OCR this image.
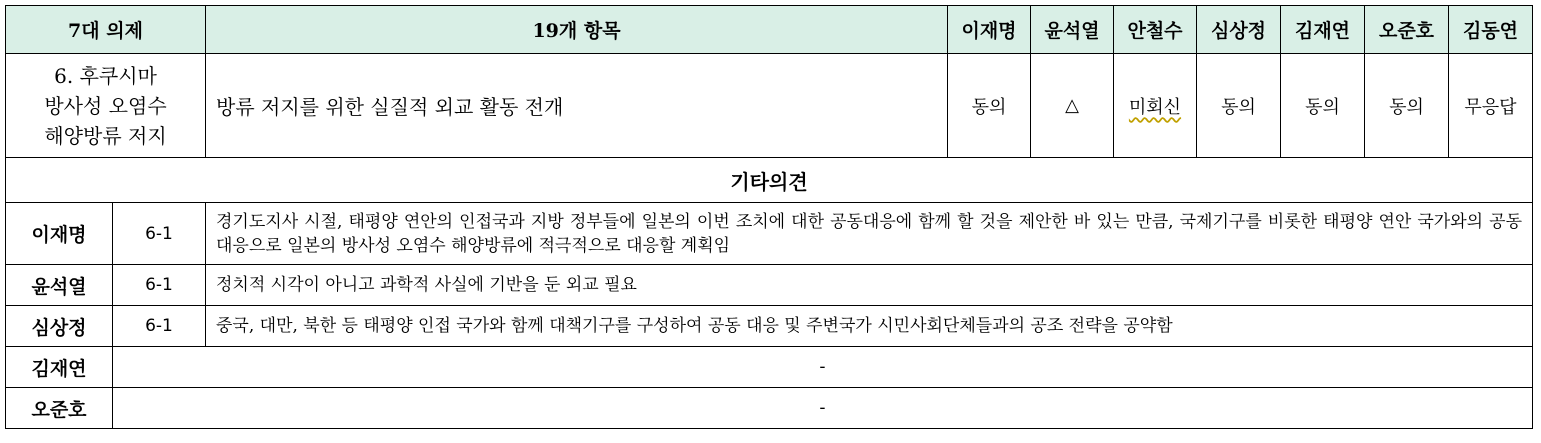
7대 의제		19개 항목	이재명	윤석열	안철수	심상정	김재연	오준호	김동연

6. 후쿠시마
방사성 오염수
해양방류 저지		방류 저지를 위한 실질적 외교 활동 전개	동의	△	미회신	동의	동의	동의	무응답
기타의견									
이재명	6-1	경기도지사 시절, 태평양 연안의 인접국과 지방 정부들에 일본의 이번 조치에 대한 공동대응에 함께 할 것을 제안한 바 있는 만큼, 국제기구를 비롯한 태평양 연안 국가와의 공동대응으로 일본의 방사성 오염수 해양방류에 적극적으로 대응할 계획임							
윤석열	6-1	정치적 시각이 아니고 과학적 사실에 기반을 둔 외교 필요							
심상정	6-1	중국, 대만, 북한 등 태평양 인접 국가와 함께 대책기구를 구성하여 공동 대응 및 주변국가 시민사회단체들과의 공조 전략을 공약함							
김재연	-								
오준호	-								
